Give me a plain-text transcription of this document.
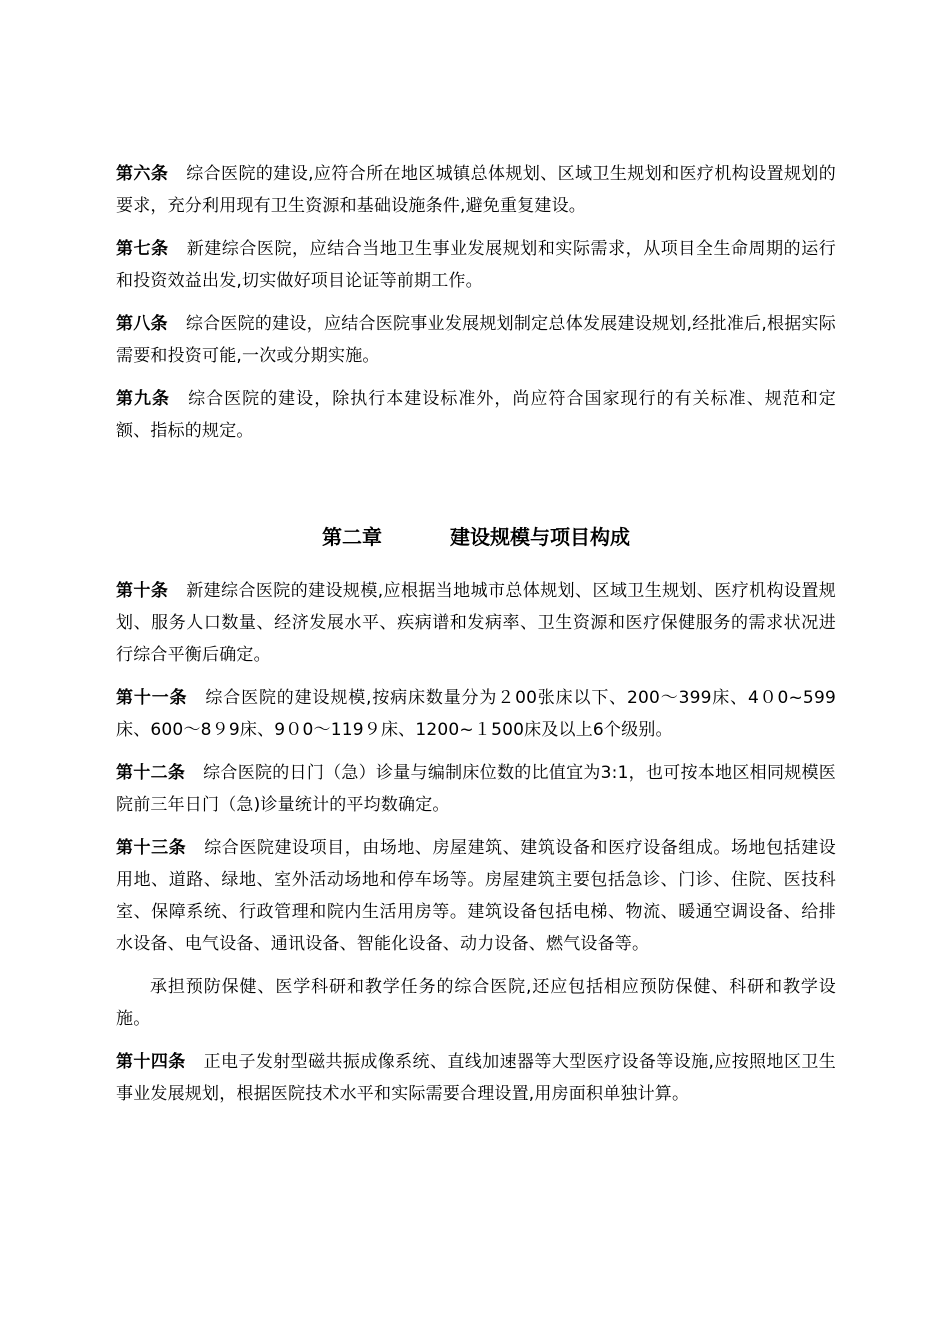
第六条 综合医院的建设,应符合所在地区城镇总体规划、区域卫生规划和医疗机构设置规划的要求，充分利用现有卫生资源和基础设施条件,避免重复建设。

第七条 新建综合医院，应结合当地卫生事业发展规划和实际需求，从项目全生命周期的运行和投资效益出发,切实做好项目论证等前期工作。

第八条 综合医院的建设，应结合医院事业发展规划制定总体发展建设规划,经批准后,根据实际需要和投资可能,一次或分期实施。

第九条 综合医院的建设，除执行本建设标准外，尚应符合国家现行的有关标准、规范和定额、指标的规定。

第二章	建设规模与项目构成

第十条 新建综合医院的建设规模,应根据当地城市总体规划、区域卫生规划、医疗机构设置规划、服务人口数量、经济发展水平、疾病谱和发病率、卫生资源和医疗保健服务的需求状况进行综合平衡后确定。

第十一条 综合医院的建设规模,按病床数量分为２00张床以下、200～399床、4０0~599床、600～8９9床、9０0～119９床、1200~１500床及以上6个级别。

第十二条 综合医院的日门（急）诊量与编制床位数的比值宜为3:1，也可按本地区相同规模医院前三年日门（急)诊量统计的平均数确定。

第十三条 综合医院建设项目，由场地、房屋建筑、建筑设备和医疗设备组成。场地包括建设用地、道路、绿地、室外活动场地和停车场等。房屋建筑主要包括急诊、门诊、住院、医技科室、保障系统、行政管理和院内生活用房等。建筑设备包括电梯、物流、暖通空调设备、给排水设备、电气设备、通讯设备、智能化设备、动力设备、燃气设备等。

承担预防保健、医学科研和教学任务的综合医院,还应包括相应预防保健、科研和教学设施。

第十四条 正电子发射型磁共振成像系统、直线加速器等大型医疗设备等设施,应按照地区卫生事业发展规划，根据医院技术水平和实际需要合理设置,用房面积单独计算。
